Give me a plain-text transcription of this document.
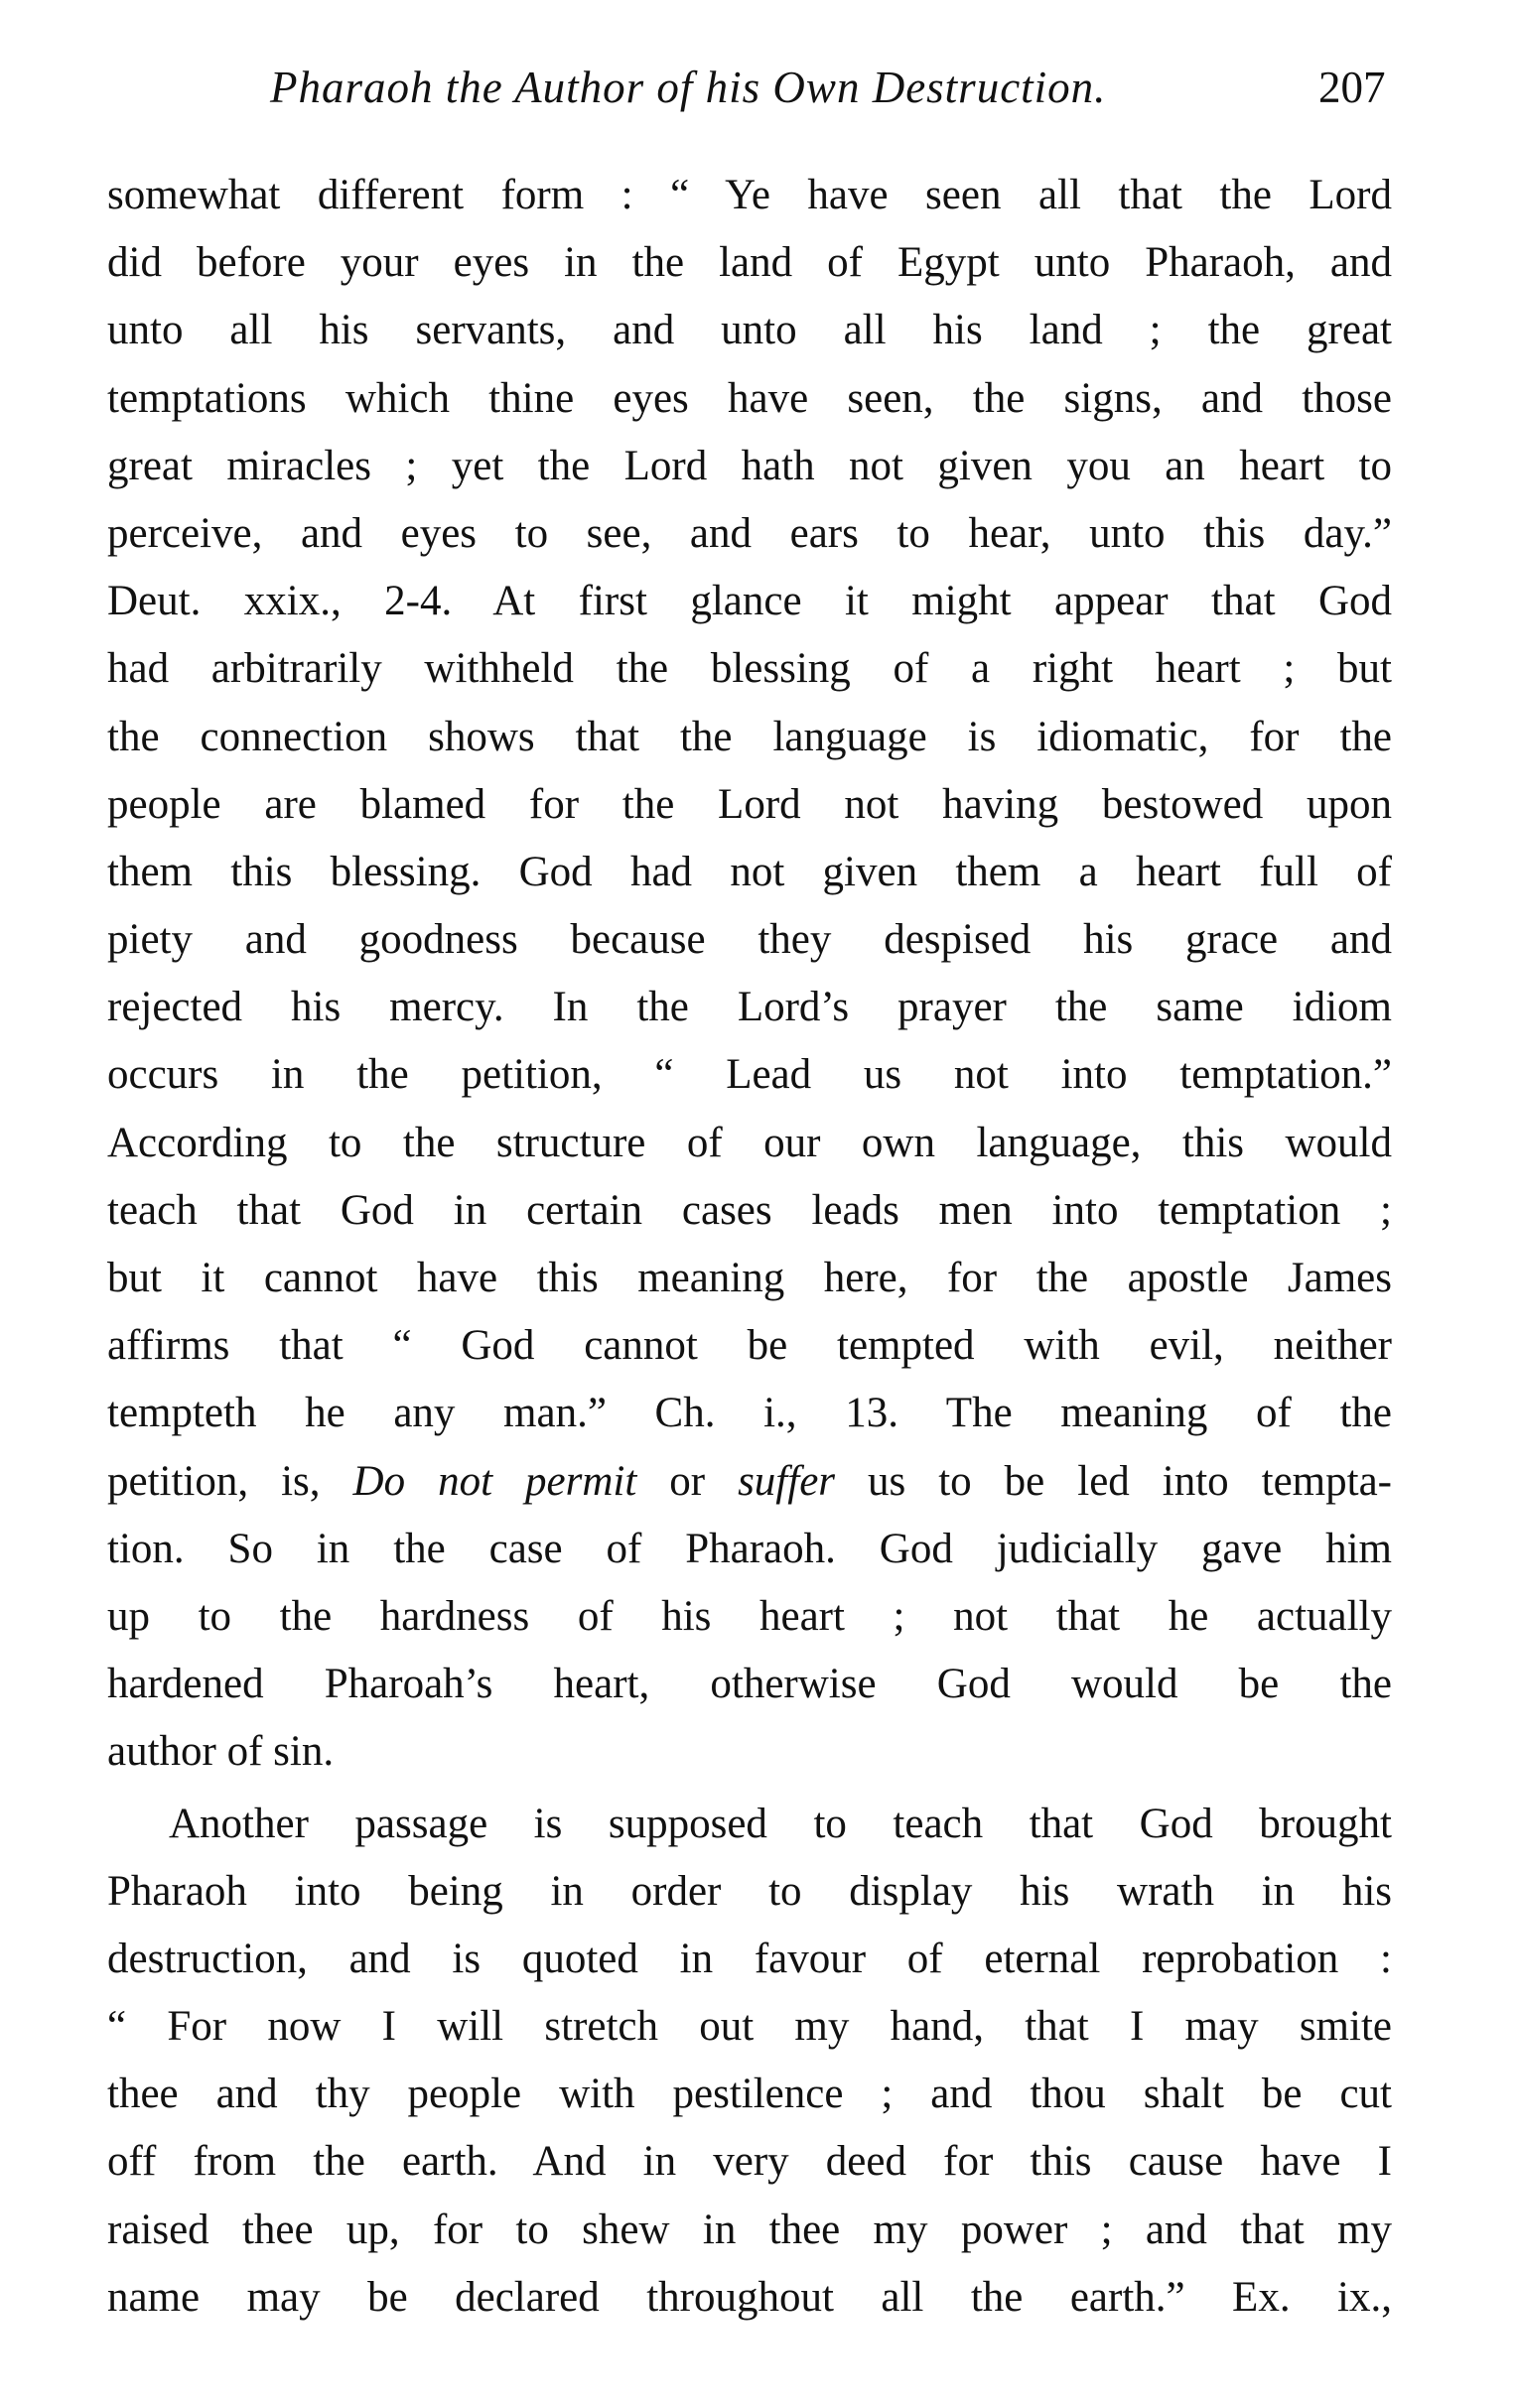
Pharaoh the Author of his Own Destruction.	207
somewhat different form : “ Ye have seen all that the Lord
did before your eyes in the land of Egypt unto Pharaoh, and
unto all his servants, and unto all his land ; the great
temptations which thine eyes have seen, the signs, and those
great miracles ; yet the Lord hath not given you an heart to
perceive, and eyes to see, and ears to hear, unto this day.”
Deut. xxix., 2-4. At first glance it might appear that God
had arbitrarily withheld the blessing of a right heart ; but
the connection shows that the language is idiomatic, for the
people are blamed for the Lord not having bestowed upon
them this blessing. God had not given them a heart full of
piety and goodness because they despised his grace and
rejected his mercy. In the Lord’s prayer the same idiom
occurs in the petition, “ Lead us not into temptation.”
According to the structure of our own language, this would
teach that God in certain cases leads men into temptation ;
but it cannot have this meaning here, for the apostle James
affirms that “ God cannot be tempted with evil, neither
tempteth he any man.” Ch. i., 13. The meaning of the
petition, is, Do not permit or suffer us to be led into tempta-
tion. So in the case of Pharaoh. God judicially gave him
up to the hardness of his heart ; not that he actually
hardened Pharoah’s heart, otherwise God would be the
author of sin.
Another passage is supposed to teach that God brought
Pharaoh into being in order to display his wrath in his
destruction, and is quoted in favour of eternal reprobation :
“ For now I will stretch out my hand, that I may smite
thee and thy people with pestilence ; and thou shalt be cut
off from the earth. And in very deed for this cause have I
raised thee up, for to shew in thee my power ; and that my
name may be declared throughout all the earth.” Ex. ix.,
